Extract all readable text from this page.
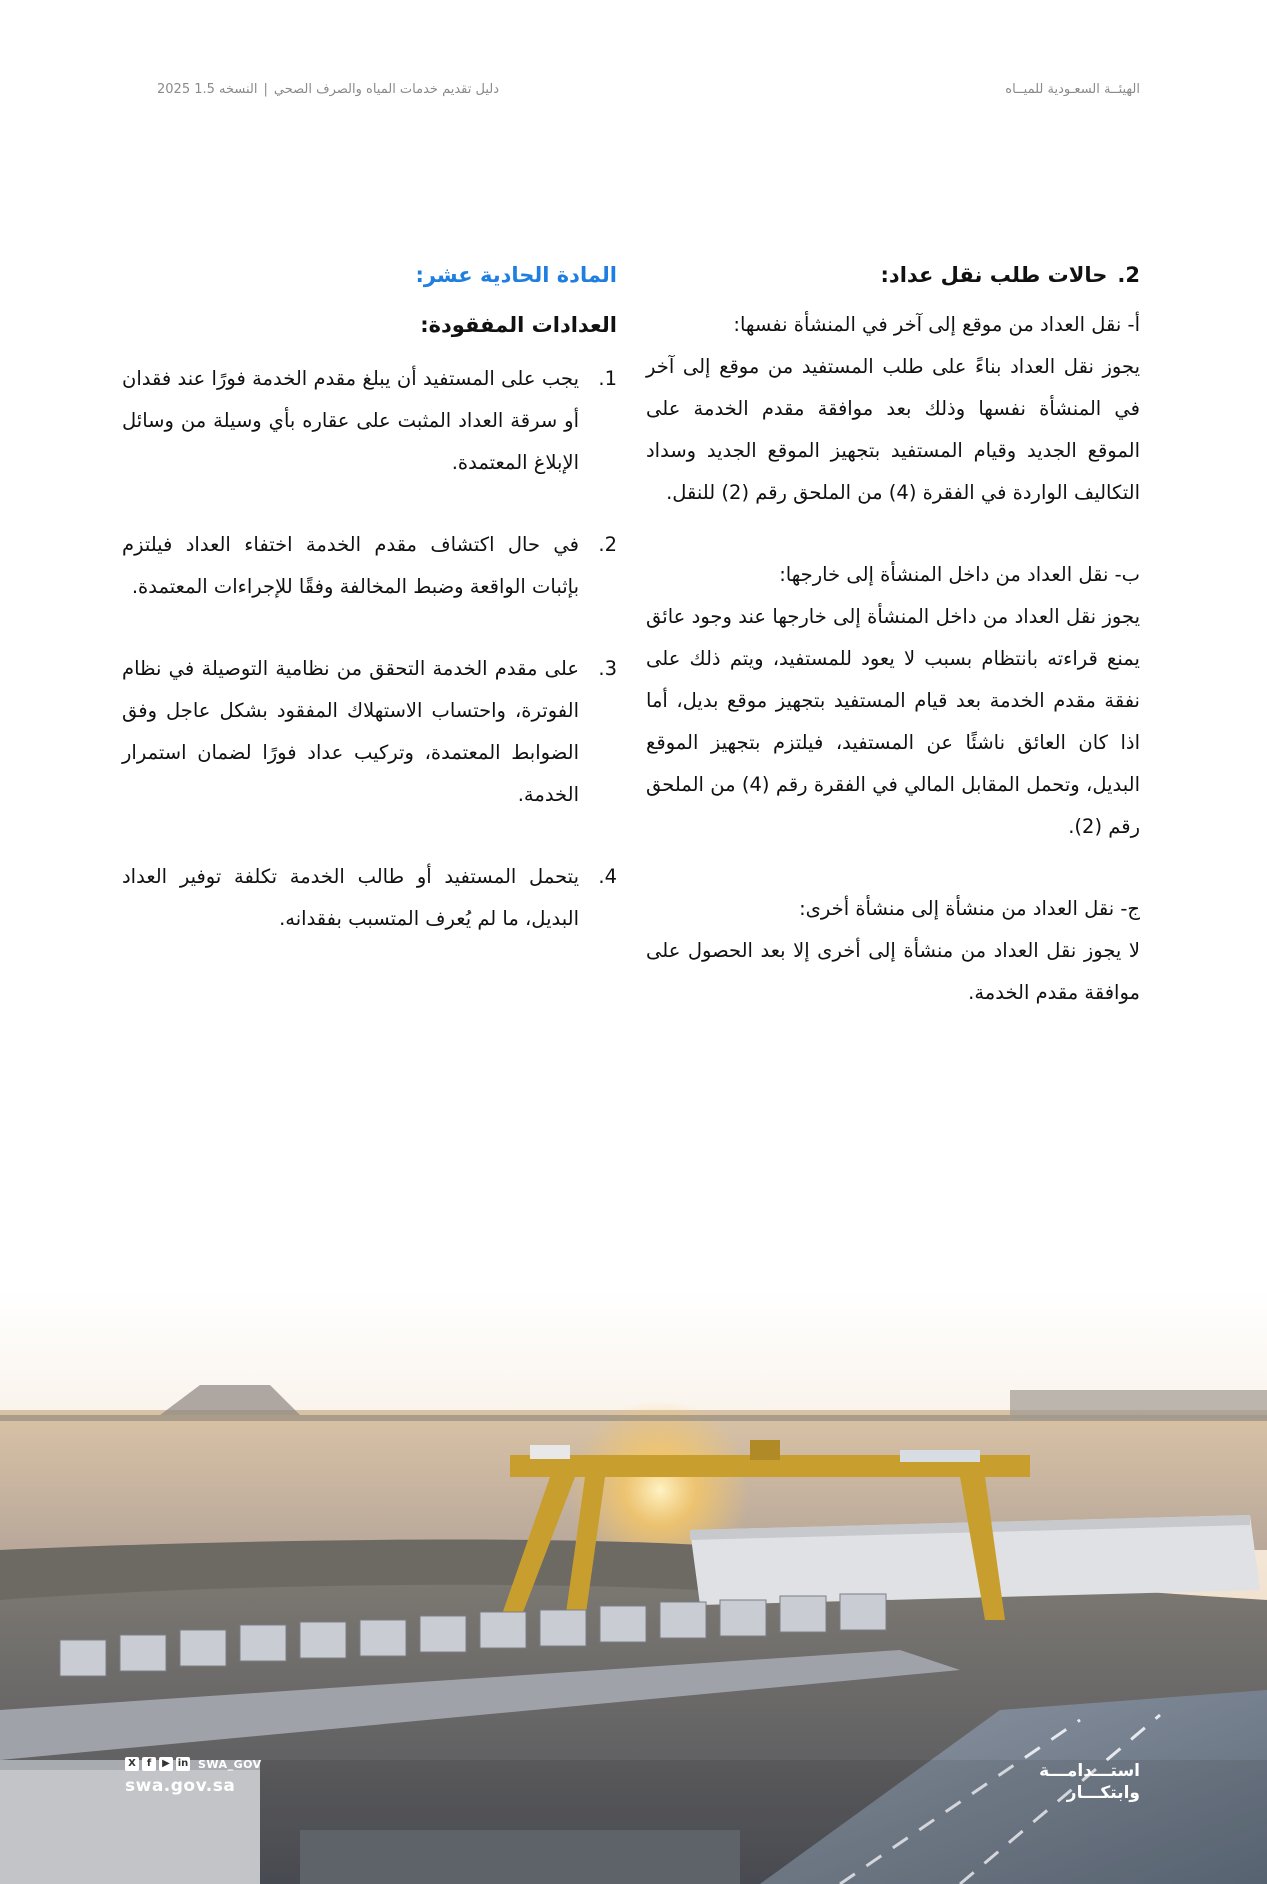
دليل تقديم خدمات المياه والصرف الصحي
|
النسخه 1.5 2025	الهيئــة السعـودية للميــاه
2.حالات طلب نقل عداد:
أ- نقل العداد من موقع إلى آخر في المنشأة نفسها:
يجوز نقل العداد بناءً على طلب المستفيد من موقع إلى آخر في المنشأة نفسها وذلك بعد موافقة مقدم الخدمة على الموقع الجديد وقيام المستفيد بتجهيز الموقع الجديد وسداد التكاليف الواردة في الفقرة (4) من الملحق رقم (2) للنقل.
ب- نقل العداد من داخل المنشأة إلى خارجها:
يجوز نقل العداد من داخل المنشأة إلى خارجها عند وجود عائق يمنع قراءته بانتظام بسبب لا يعود للمستفيد، ويتم ذلك على نفقة مقدم الخدمة بعد قيام المستفيد بتجهيز موقع بديل، أما اذا كان العائق ناشئًا عن المستفيد، فيلتزم بتجهيز الموقع البديل، وتحمل المقابل المالي في الفقرة رقم (4) من الملحق رقم (2).
ج- نقل العداد من منشأة إلى منشأة أخرى:
لا يجوز نقل العداد من منشأة إلى أخرى إلا بعد الحصول على موافقة مقدم الخدمة.
المادة الحادية عشر:
العدادات المفقودة:
1.
يجب على المستفيد أن يبلغ مقدم الخدمة فورًا عند فقدان أو سرقة العداد المثبت على عقاره بأي وسيلة من وسائل الإبلاغ المعتمدة.
2.
في حال اكتشاف مقدم الخدمة اختفاء العداد فيلتزم بإثبات الواقعة وضبط المخالفة وفقًا للإجراءات المعتمدة.
3.
على مقدم الخدمة التحقق من نظامية التوصيلة في نظام الفوترة، واحتساب الاستهلاك المفقود بشكل عاجل وفق الضوابط المعتمدة، وتركيب عداد فورًا لضمان استمرار الخدمة.
4.
يتحمل المستفيد أو طالب الخدمة تكلفة توفير العداد البديل، ما لم يُعرف المتسبب بفقدانه.
X	f	▶ in SWA_GOV
swa.gov.sa
استـــدامـــة
وابتكـــار
